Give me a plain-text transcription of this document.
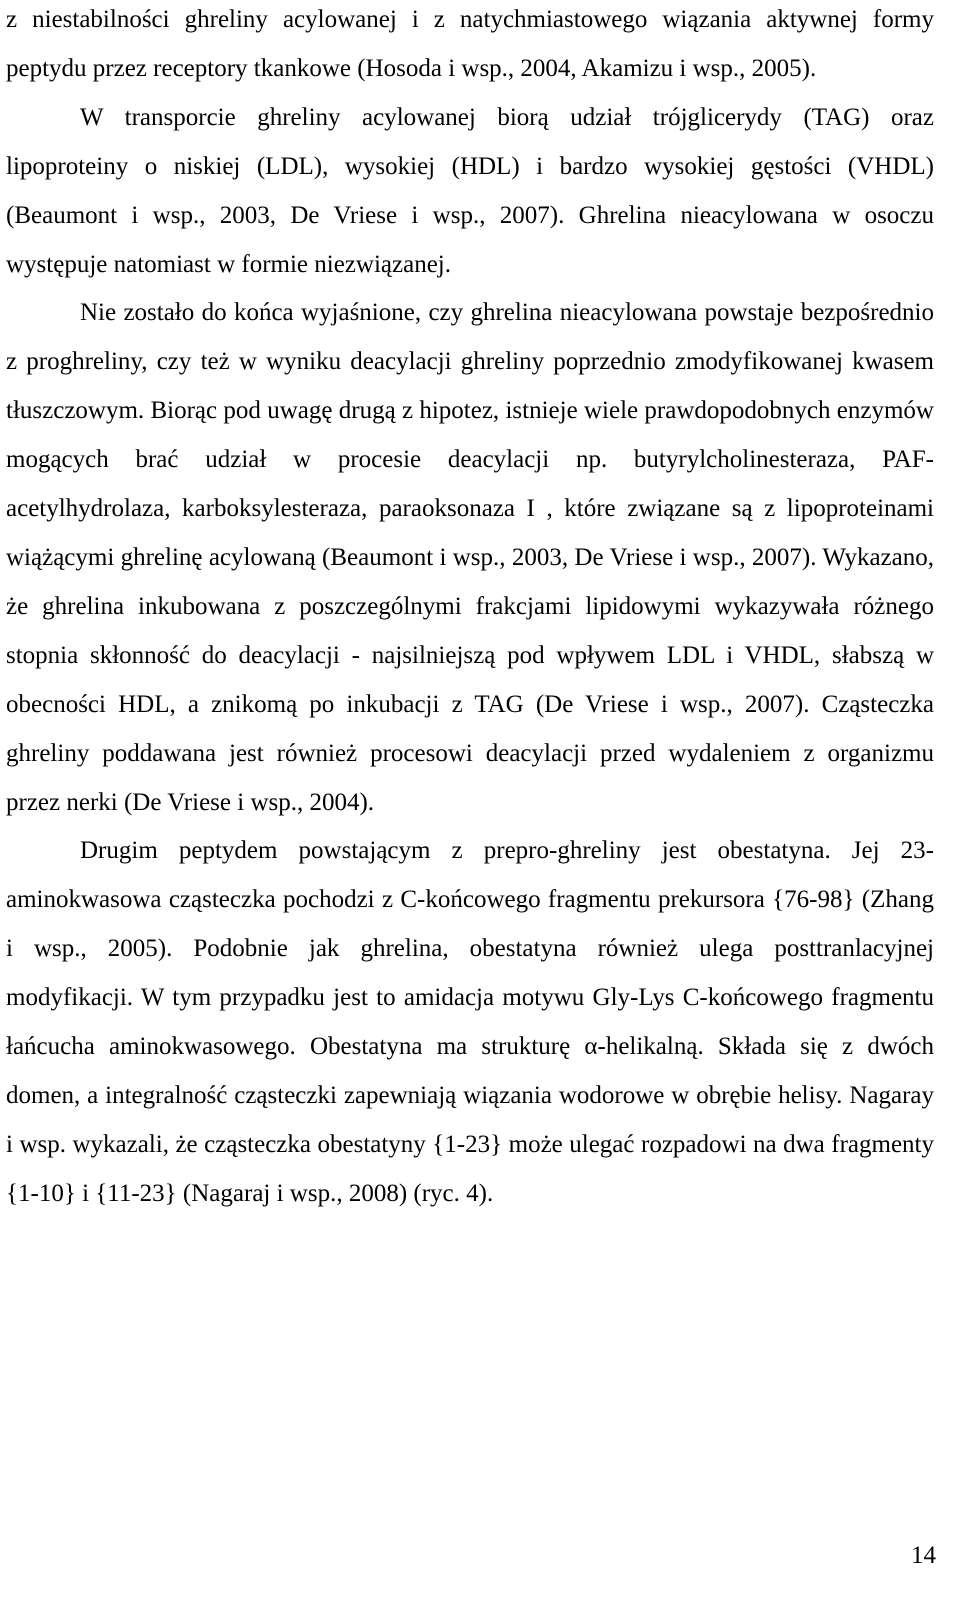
z niestabilności ghreliny acylowanej i z natychmiastowego wiązania aktywnej formy peptydu przez receptory tkankowe (Hosoda i wsp., 2004, Akamizu i wsp., 2005).

W transporcie ghreliny acylowanej biorą udział trójglicerydy (TAG) oraz lipoproteiny o niskiej (LDL), wysokiej (HDL) i bardzo wysokiej gęstości (VHDL) (Beaumont i wsp., 2003, De Vriese i wsp., 2007). Ghrelina nieacylowana w osoczu występuje natomiast w formie niezwiązanej.

Nie zostało do końca wyjaśnione, czy ghrelina nieacylowana powstaje bezpośrednio z proghreliny, czy też w wyniku deacylacji ghreliny poprzednio zmodyfikowanej kwasem tłuszczowym. Biorąc pod uwagę drugą z hipotez, istnieje wiele prawdopodobnych enzymów mogących brać udział w procesie deacylacji np. butyrylcholinesteraza, PAF-acetylhydrolaza, karboksylesteraza, paraoksonaza I , które związane są z lipoproteinami wiążącymi ghrelinę acylowaną (Beaumont i wsp., 2003, De Vriese i wsp., 2007). Wykazano, że ghrelina inkubowana z poszczególnymi frakcjami lipidowymi wykazywała różnego stopnia skłonność do deacylacji - najsilniejszą pod wpływem LDL i VHDL, słabszą w obecności HDL, a znikomą po inkubacji z TAG (De Vriese i wsp., 2007). Cząsteczka ghreliny poddawana jest również procesowi deacylacji przed wydaleniem z organizmu przez nerki (De Vriese i wsp., 2004).

Drugim peptydem powstającym z prepro-ghreliny jest obestatyna. Jej 23-aminokwasowa cząsteczka pochodzi z C-końcowego fragmentu prekursora {76-98} (Zhang i wsp., 2005). Podobnie jak ghrelina, obestatyna również ulega posttranlacyjnej modyfikacji. W tym przypadku jest to amidacja motywu Gly-Lys C-końcowego fragmentu łańcucha aminokwasowego. Obestatyna ma strukturę α-helikalną. Składa się z dwóch domen, a integralność cząsteczki zapewniają wiązania wodorowe w obrębie helisy. Nagaray i wsp. wykazali, że cząsteczka obestatyny {1-23} może ulegać rozpadowi na dwa fragmenty {1-10} i {11-23} (Nagaraj i wsp., 2008) (ryc. 4).

14
